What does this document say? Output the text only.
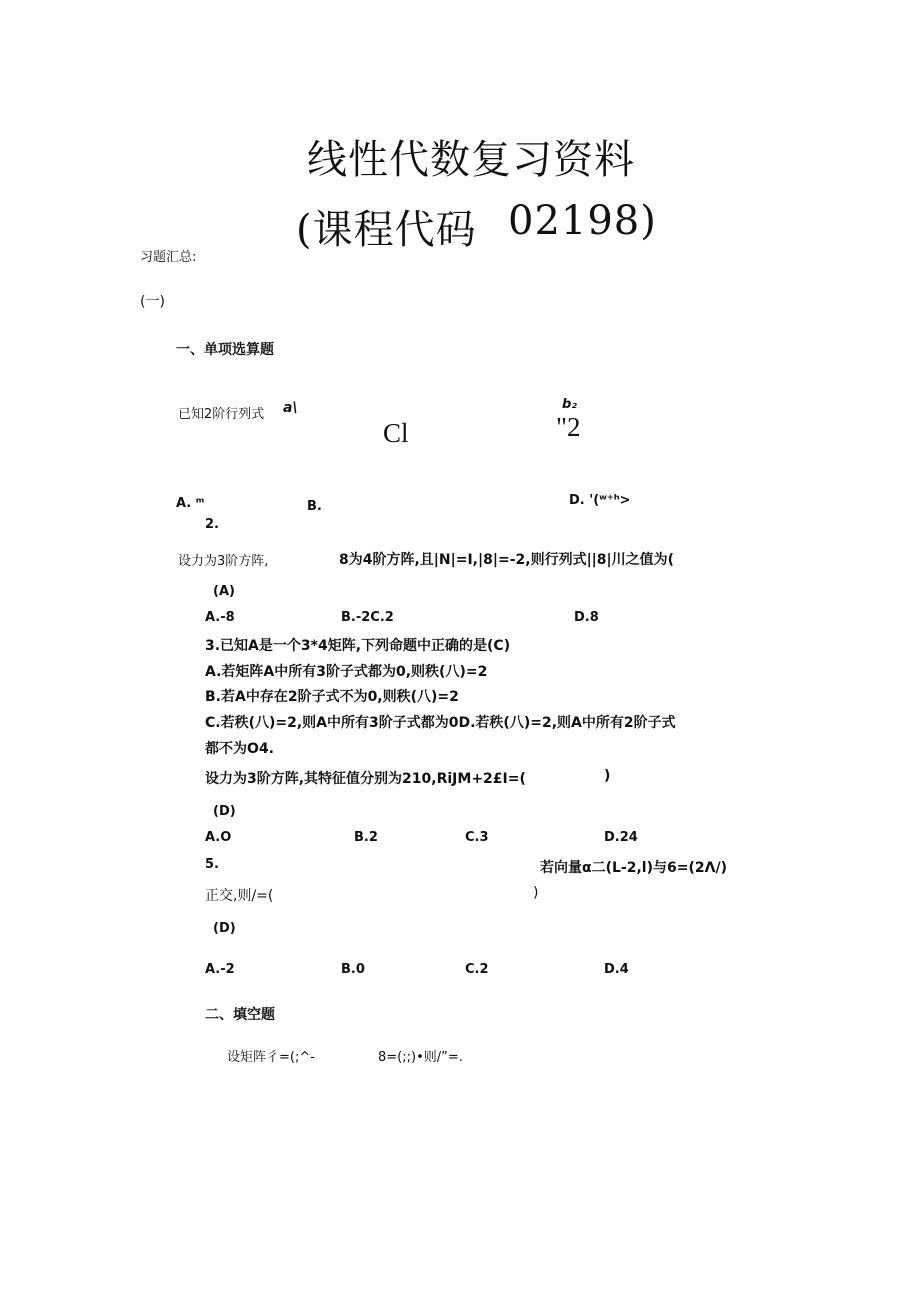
线性代数复习资料
(课程代码 02198)
习题汇总:
(一)
一、单项选算题
已知2阶行列式 a\
Cl
b₂
"2
A. ᵐ	B.	D. '(ʷ⁺ʰ>
2.
设力为3阶方阵,	8为4阶方阵,且|N|=I,|8|=-2,则行列式||8|川之值为(
(A)
A.-8	B.-2C.2	D.8
3.已知A是一个3*4矩阵,下列命题中正确的是(C)
A.若矩阵A中所有3阶子式都为0,则秩(八)=2
B.若A中存在2阶子式不为0,则秩(八)=2
C.若秩(八)=2,则A中所有3阶子式都为0D.若秩(八)=2,则A中所有2阶子式
都不为O4.
设力为3阶方阵,其特征值分别为210,RiJM+2£I=(	)
(D)
A.O	B.2	C.3	D.24
5.	若向量α二(L-2,l)与6=(2Λ/)
正交,则/=(	)
(D)
A.-2	B.0	C.2	D.4
二、填空题
设矩阵彳=(;^-	8=(;;)•则/”=.
